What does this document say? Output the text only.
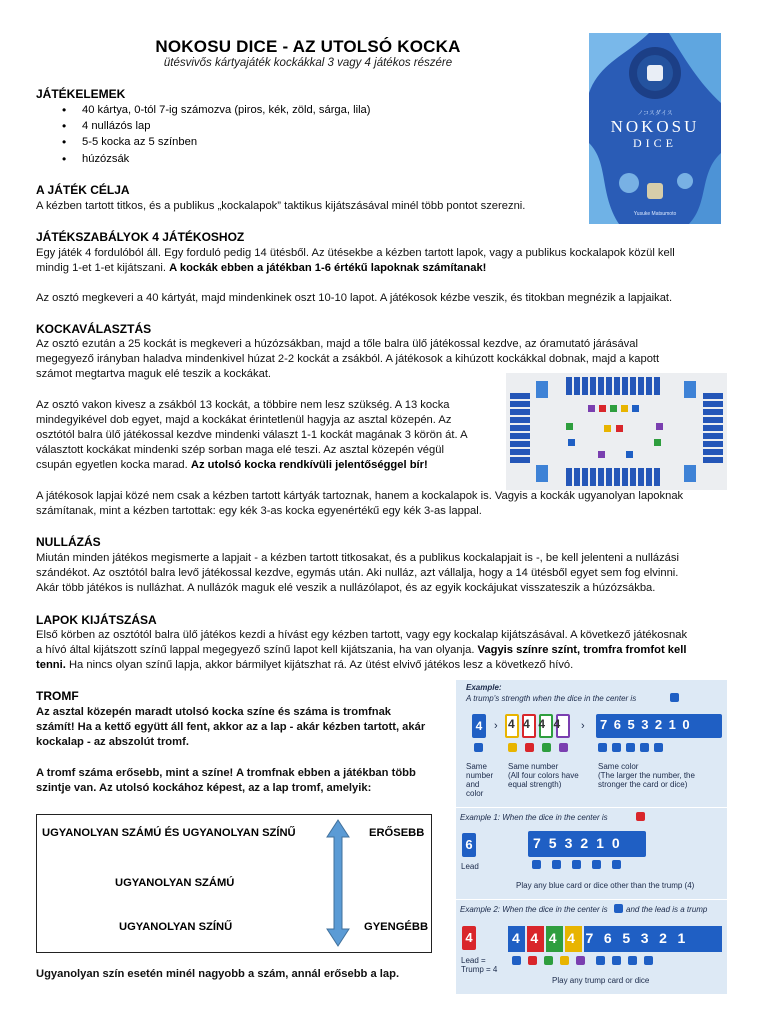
NOKOSU DICE - AZ UTOLSÓ KOCKA

ütésvivős kártyajáték kockákkal 3 vagy 4 játékos részére

ノコスダイス
NOKOSU
DICE
Yusuke Matsumoto
JÁTÉKELEMEK
• 40 kártya, 0-tól 7-ig számozva (piros, kék, zöld, sárga, lila)
• 4 nullázós lap
• 5-5 kocka az 5 színben
• húzózsák
A JÁTÉK CÉLJA

A kézben tartott titkos, és a publikus „kockalapok” taktikus kijátszásával minél több pontot szerezni.

JÁTÉKSZABÁLYOK 4 JÁTÉKOSHOZ

Egy játék 4 fordulóból áll. Egy forduló pedig 14 ütésből. Az ütésekbe a kézben tartott lapok, vagy a publikus kockalapok közül kell

mindig 1-et 1-et kijátszani. A kockák ebben a játékban 1-6 értékű lapoknak számítanak!

Az osztó megkeveri a 40 kártyát, majd mindenkinek oszt 10-10 lapot. A játékosok kézbe veszik, és titokban megnézik a lapjaikat.

KOCKAVÁLASZTÁS

Az osztó ezután a 25 kockát is megkeveri a húzózsákban, majd a tőle balra ülő játékossal kezdve, az óramutató járásával

megegyező irányban haladva mindenkivel húzat 2-2 kockát a zsákból. A játékosok a kihúzott kockákkal dobnak, majd a kapott

számot megtartva maguk elé teszik a kockákat.

Az osztó vakon kivesz a zsákból 13 kockát, a többire nem lesz szükség. A 13 kocka

mindegyikével dob egyet, majd a kockákat érintetlenül hagyja az asztal közepén. Az

osztótól balra ülő játékossal kezdve mindenki választ 1-1 kockát magának 3 körön át. A

választott kockákat mindenki szép sorban maga elé teszi. Az asztal közepén végül

csupán egyetlen kocka marad. Az utolsó kocka rendkívüli jelentőséggel bír!

A játékosok lapjai közé nem csak a kézben tartott kártyák tartoznak, hanem a kockalapok is. Vagyis a kockák ugyanolyan lapoknak

számítanak, mint a kézben tartottak: egy kék 3-as kocka egyenértékű egy kék 3-as lappal.

NULLÁZÁS

Miután minden játékos megismerte a lapjait - a kézben tartott titkosakat, és a publikus kockalapjait is -, be kell jelenteni a nullázási

szándékot. Az osztótól balra levő játékossal kezdve, egymás után. Aki nulláz, azt vállalja, hogy a 14 ütésből egyet sem fog elvinni.

Akár több játékos is nullázhat. A nullázók maguk elé veszik a nullázólapot, és az egyik kockájukat visszateszik a húzózsákba.

LAPOK KIJÁTSZÁSA

Első körben az osztótól balra ülő játékos kezdi a hívást egy kézben tartott, vagy egy kockalap kijátszásával. A következő játékosnak

a hívó által kijátszott színű lappal megegyező színű lapot kell kijátszania, ha van olyanja. Vagyis színre színt, tromfra fromfot kell

tenni. Ha nincs olyan színű lapja, akkor bármilyet kijátszhat rá. Az ütést elvivő játékos lesz a következő hívó.

TROMF

Az asztal közepén maradt utolsó kocka színe és száma is tromfnak

számít! Ha a kettő együtt áll fent, akkor az a lap - akár kézben tartott, akár

kockalap - az abszolút tromf.

A tromf száma erősebb, mint a színe! A tromfnak ebben a játékban több

szintje van. Az utolsó kockához képest, az a lap tromf, amelyik:

UGYANOLYAN SZÁMÚ ÉS UGYANOLYAN SZÍNŰ	ERŐSEBB
UGYANOLYAN SZÁMÚ
UGYANOLYAN SZÍNŰ	GYENGÉBB

Ugyanolyan szín esetén minél nagyobb a szám, annál erősebb a lap.

Example:
A trump's strength when the dice in the center is
4
Same
number
and
color
4444
Same number
(All four colors have
equal strength)
›	› 7653210
Same color
(The larger the number, the
stronger the card or dice)
Example 1: When the dice in the center is
6
Lead
753210
Play any blue card or dice other than the trump (4)
Example 2: When the dice in the center is and the lead is a trump
4
Lead =
Trump = 4
4444765321
Play any trump card or dice
